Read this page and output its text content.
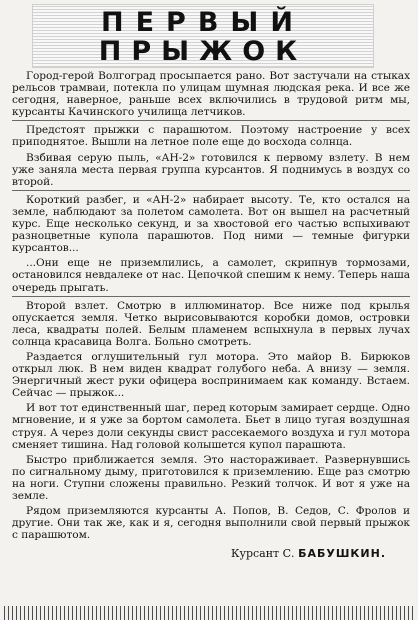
ПЕРВЫЙ
ПРЫЖОК

Город-герой Волгоград просыпается рано. Вот застучали на стыках рельсов трамваи, потекла по улицам шумная людская река. И все же сегодня, наверное, раньше всех включились в трудовой ритм мы, курсанты Качинского училища летчиков.

Предстоят прыжки с парашютом. Поэтому настроение у всех приподнятое. Вышли на летное поле еще до восхода солнца.

Взбивая серую пыль, «АН-2» готовился к первому взлету. В нем уже заняла места первая группа курсантов. Я поднимусь в воздух со второй.

Короткий разбег, и «АН-2» набирает высоту. Те, кто остался на земле, наблюдают за полетом самолета. Вот он вышел на расчетный курс. Еще несколько секунд, и за хвостовой его частью вспыхивают разноцветные купола парашютов. Под ними — темные фигурки курсантов...

...Они еще не приземлились, а самолет, скрипнув тормозами, остановился невдалеке от нас. Цепочкой спешим к нему. Теперь наша очередь прыгать.

Второй взлет. Смотрю в иллюминатор. Все ниже под крылья опускается земля. Четко вырисовываются коробки домов, островки леса, квадраты полей. Белым пламенем вспыхнула в первых лучах солнца красавица Волга. Больно смотреть.

Раздается оглушительный гул мотора. Это майор В. Бирюков открыл люк. В нем виден квадрат голубого неба. А внизу — земля. Энергичный жест руки офицера воспринимаем как команду. Встаем. Сейчас — прыжок...

И вот тот единственный шаг, перед которым замирает сердце. Одно мгновение, и я уже за бортом самолета. Бьет в лицо тугая воздушная струя. А через доли секунды свист рассекаемого воздуха и гул мотора сменяет тишина. Над головой колышется купол парашюта.

Быстро приближается земля. Это настораживает. Развернувшись по сигнальному дыму, приготовился к приземлению. Еще раз смотрю на ноги. Ступни сложены правильно. Резкий толчок. И вот я уже на земле.

Рядом приземляются курсанты А. Попов, В. Седов, С. Фролов и другие. Они так же, как и я, сегодня выполнили свой первый прыжок с парашютом.

Курсант С. БАБУШКИН.
